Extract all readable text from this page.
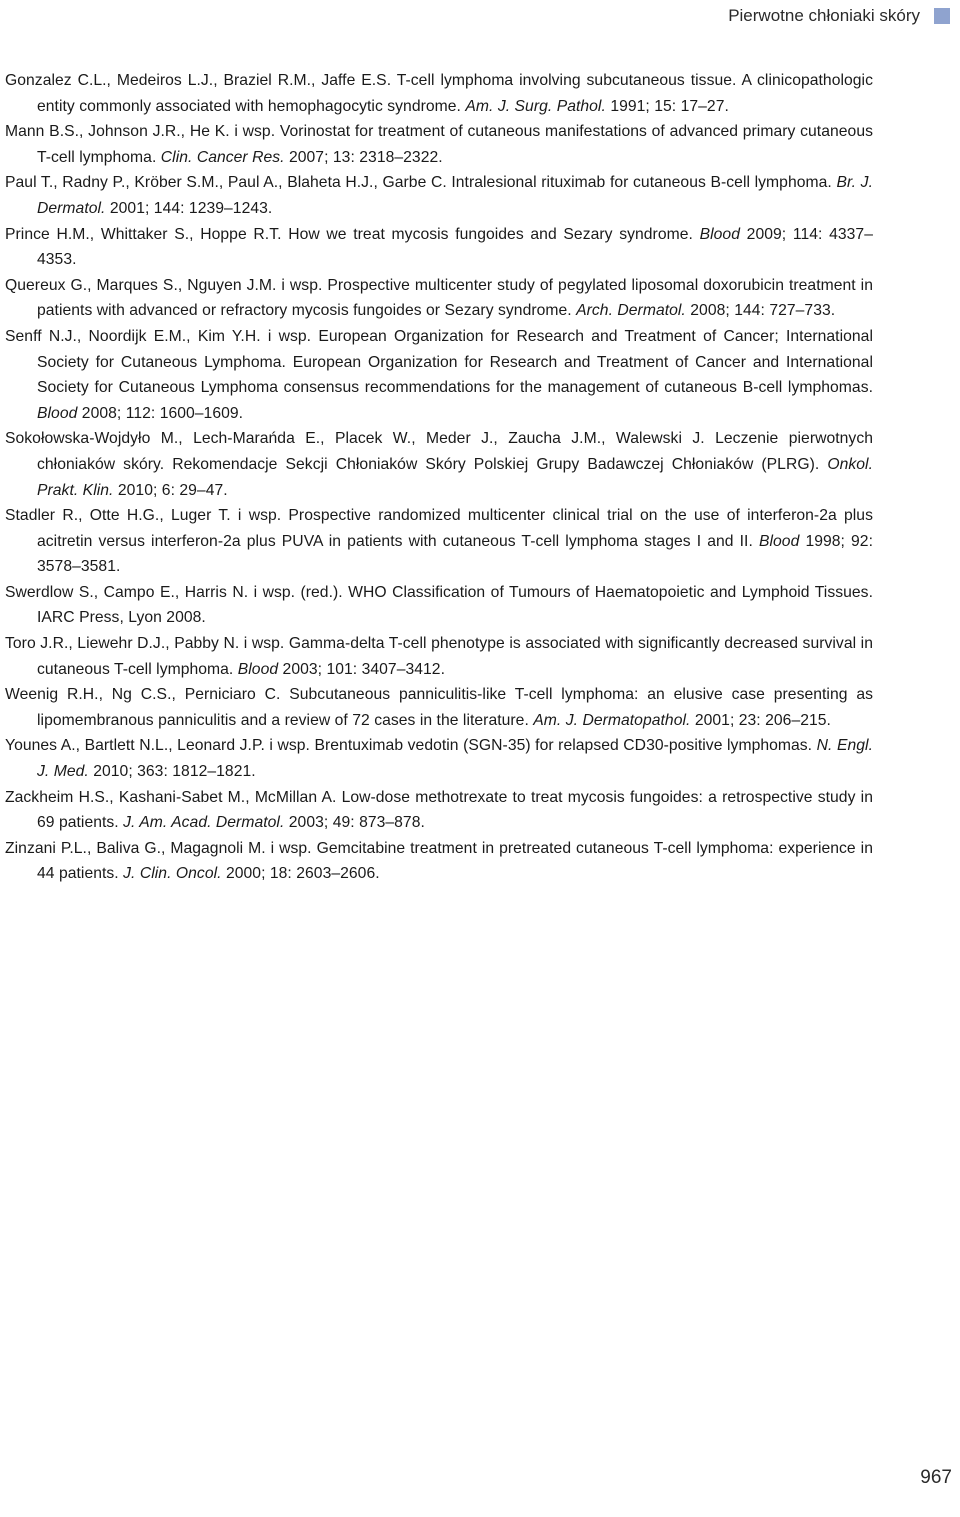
Pierwotne chłoniaki skóry
Gonzalez C.L., Medeiros L.J., Braziel R.M., Jaffe E.S. T-cell lymphoma involving subcutaneous tissue. A clinicopathologic entity commonly associated with hemophagocytic syndrome. Am. J. Surg. Pathol. 1991; 15: 17–27.
Mann B.S., Johnson J.R., He K. i wsp. Vorinostat for treatment of cutaneous manifestations of advanced primary cutaneous T-cell lymphoma. Clin. Cancer Res. 2007; 13: 2318–2322.
Paul T., Radny P., Kröber S.M., Paul A., Blaheta H.J., Garbe C. Intralesional rituximab for cutaneous B-cell lymphoma. Br. J. Dermatol. 2001; 144: 1239–1243.
Prince H.M., Whittaker S., Hoppe R.T. How we treat mycosis fungoides and Sezary syndrome. Blood 2009; 114: 4337–4353.
Quereux G., Marques S., Nguyen J.M. i wsp. Prospective multicenter study of pegylated liposomal doxorubicin treatment in patients with advanced or refractory mycosis fungoides or Sezary syndrome. Arch. Dermatol. 2008; 144: 727–733.
Senff N.J., Noordijk E.M., Kim Y.H. i wsp. European Organization for Research and Treatment of Cancer; International Society for Cutaneous Lymphoma. European Organization for Research and Treatment of Cancer and International Society for Cutaneous Lymphoma consensus recommendations for the management of cutaneous B-cell lymphomas. Blood 2008; 112: 1600–1609.
Sokołowska-Wojdyło M., Lech-Marańda E., Placek W., Meder J., Zaucha J.M., Walewski J. Leczenie pierwotnych chłoniaków skóry. Rekomendacje Sekcji Chłoniaków Skóry Polskiej Grupy Badawczej Chłoniaków (PLRG). Onkol. Prakt. Klin. 2010; 6: 29–47.
Stadler R., Otte H.G., Luger T. i wsp. Prospective randomized multicenter clinical trial on the use of interferon-2a plus acitretin versus interferon-2a plus PUVA in patients with cutaneous T-cell lymphoma stages I and II. Blood 1998; 92: 3578–3581.
Swerdlow S., Campo E., Harris N. i wsp. (red.). WHO Classification of Tumours of Haematopoietic and Lymphoid Tissues. IARC Press, Lyon 2008.
Toro J.R., Liewehr D.J., Pabby N. i wsp. Gamma-delta T-cell phenotype is associated with significantly decreased survival in cutaneous T-cell lymphoma. Blood 2003; 101: 3407–3412.
Weenig R.H., Ng C.S., Perniciaro C. Subcutaneous panniculitis-like T-cell lymphoma: an elusive case presenting as lipomembranous panniculitis and a review of 72 cases in the literature. Am. J. Dermatopathol. 2001; 23: 206–215.
Younes A., Bartlett N.L., Leonard J.P. i wsp. Brentuximab vedotin (SGN-35) for relapsed CD30-positive lymphomas. N. Engl. J. Med. 2010; 363: 1812–1821.
Zackheim H.S., Kashani-Sabet M., McMillan A. Low-dose methotrexate to treat mycosis fungoides: a retrospective study in 69 patients. J. Am. Acad. Dermatol. 2003; 49: 873–878.
Zinzani P.L., Baliva G., Magagnoli M. i wsp. Gemcitabine treatment in pretreated cutaneous T-cell lymphoma: experience in 44 patients. J. Clin. Oncol. 2000; 18: 2603–2606.
967
